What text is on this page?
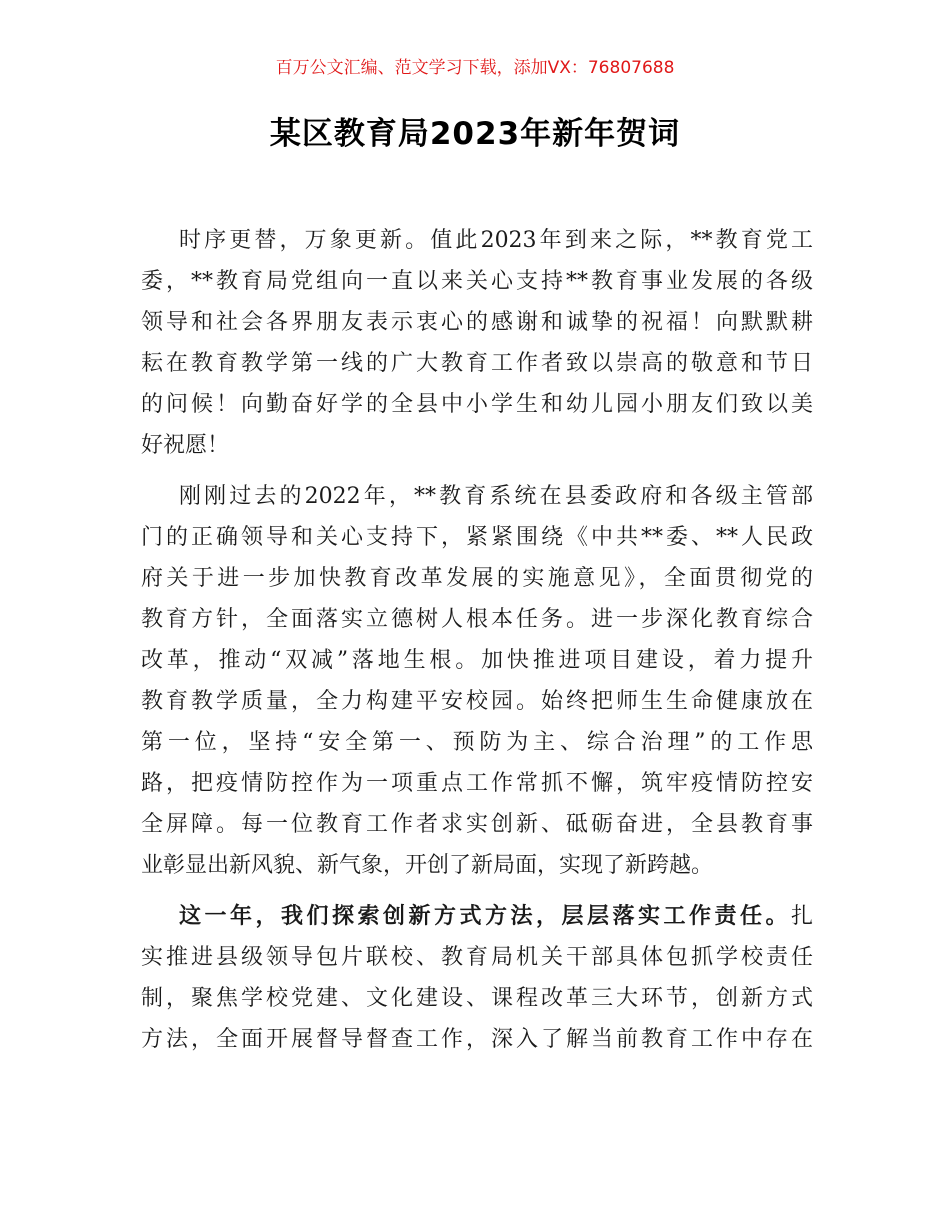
百万公文汇编、范文学习下载，添加VX：76807688
某区教育局2023年新年贺词
时序更替，万象更新。值此2023年到来之际，**教育党工
委，**教育局党组向一直以来关心支持**教育事业发展的各级
领导和社会各界朋友表示衷心的感谢和诚挚的祝福！向默默耕
耘在教育教学第一线的广大教育工作者致以崇高的敬意和节日
的问候！向勤奋好学的全县中小学生和幼儿园小朋友们致以美
好祝愿！
刚刚过去的2022年，**教育系统在县委政府和各级主管部
门的正确领导和关心支持下，紧紧围绕《中共**委、**人民政
府关于进一步加快教育改革发展的实施意见》，全面贯彻党的
教育方针，全面落实立德树人根本任务。进一步深化教育综合
改革，推动“双减”落地生根。加快推进项目建设，着力提升
教育教学质量，全力构建平安校园。始终把师生生命健康放在
第一位，坚持“安全第一、预防为主、综合治理”的工作思
路，把疫情防控作为一项重点工作常抓不懈，筑牢疫情防控安
全屏障。每一位教育工作者求实创新、砥砺奋进，全县教育事
业彰显出新风貌、新气象，开创了新局面，实现了新跨越。
这一年，我们探索创新方式方法，层层落实工作责任。扎
实推进县级领导包片联校、教育局机关干部具体包抓学校责任
制，聚焦学校党建、文化建设、课程改革三大环节，创新方式
方法，全面开展督导督查工作，深入了解当前教育工作中存在
